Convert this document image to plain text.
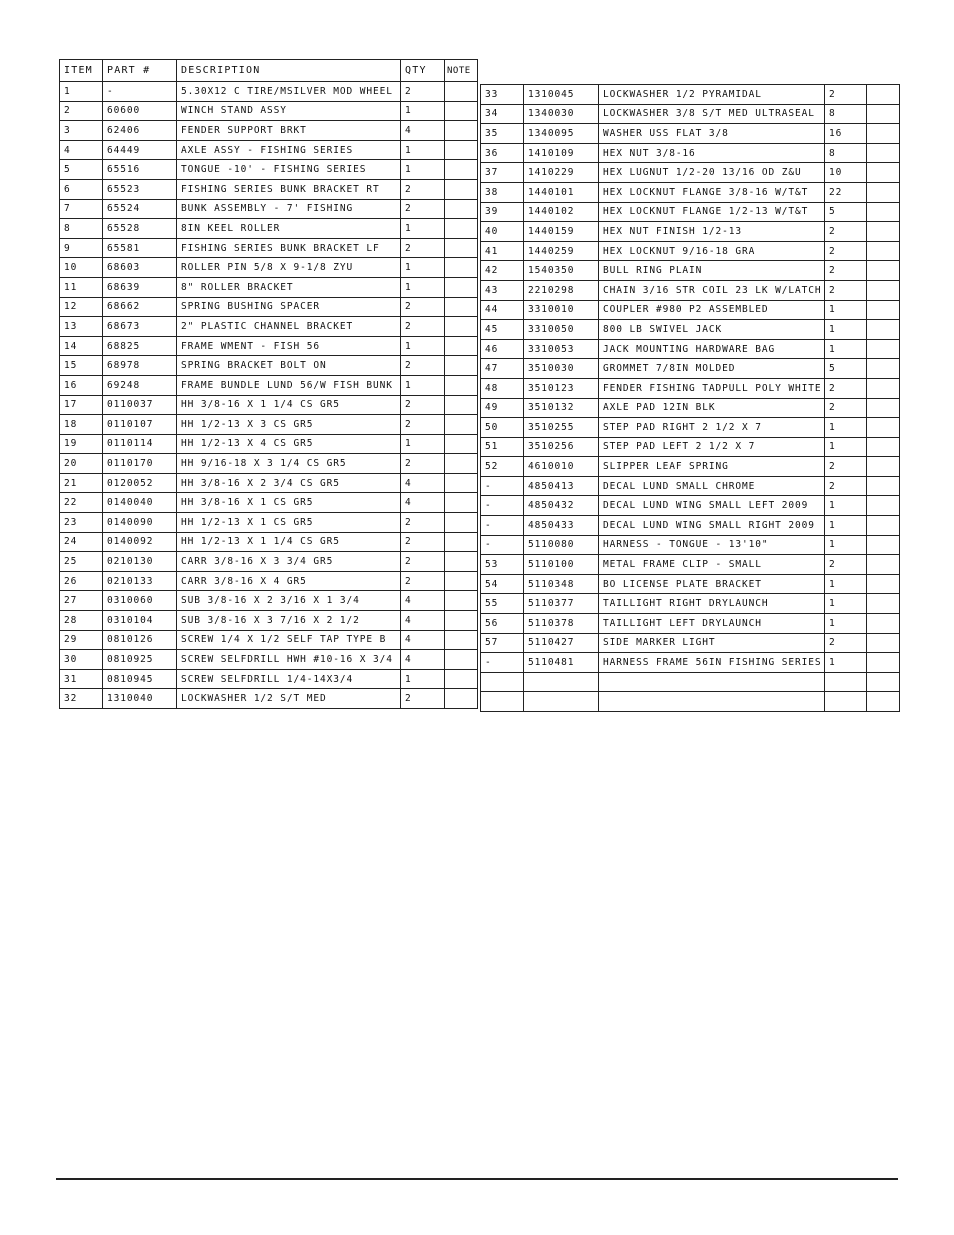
ITEM	PART #	DESCRIPTION	QTY	NOTE
1	-	5.30X12 C TIRE/MSILVER MOD WHEEL	2	
2	60600	WINCH STAND ASSY	1	
3	62406	FENDER SUPPORT BRKT	4	
4	64449	AXLE ASSY - FISHING SERIES	1	
5	65516	TONGUE -10' - FISHING SERIES	1	
6	65523	FISHING SERIES BUNK BRACKET RT	2	
7	65524	BUNK ASSEMBLY - 7' FISHING	2	
8	65528	8IN KEEL ROLLER	1	
9	65581	FISHING SERIES BUNK BRACKET LF	2	
10	68603	ROLLER PIN 5/8 X 9-1/8 ZYU	1	
11	68639	8" ROLLER BRACKET	1	
12	68662	SPRING BUSHING SPACER	2	
13	68673	2" PLASTIC CHANNEL BRACKET	2	
14	68825	FRAME WMENT - FISH 56	1	
15	68978	SPRING BRACKET BOLT ON	2	
16	69248	FRAME BUNDLE LUND 56/W FISH BUNK	1	
17	0110037	HH 3/8-16 X 1 1/4 CS GR5	2	
18	0110107	HH 1/2-13 X 3 CS GR5	2	
19	0110114	HH 1/2-13 X 4 CS GR5	1	
20	0110170	HH 9/16-18 X 3 1/4 CS GR5	2	
21	0120052	HH 3/8-16 X 2 3/4 CS GR5	4	
22	0140040	HH 3/8-16 X 1 CS GR5	4	
23	0140090	HH 1/2-13 X 1 CS GR5	2	
24	0140092	HH 1/2-13 X 1 1/4 CS GR5	2	
25	0210130	CARR 3/8-16 X 3 3/4 GR5	2	
26	0210133	CARR 3/8-16 X 4 GR5	2	
27	0310060	SUB 3/8-16 X 2 3/16 X 1 3/4	4	
28	0310104	SUB 3/8-16 X 3 7/16 X 2 1/2	4	
29	0810126	SCREW 1/4 X 1/2 SELF TAP TYPE B	4	
30	0810925	SCREW SELFDRILL HWH #10-16 X 3/4	4	
31	0810945	SCREW SELFDRILL 1/4-14X3/4	1	
32	1310040	LOCKWASHER 1/2 S/T MED	2	
33	1310045	LOCKWASHER 1/2 PYRAMIDAL	2	
34	1340030	LOCKWASHER 3/8 S/T MED ULTRASEAL	8	
35	1340095	WASHER USS FLAT 3/8	16	
36	1410109	HEX NUT 3/8-16	8	
37	1410229	HEX LUGNUT 1/2-20 13/16 OD Z&U	10	
38	1440101	HEX LOCKNUT FLANGE 3/8-16 W/T&T	22	
39	1440102	HEX LOCKNUT FLANGE 1/2-13 W/T&T	5	
40	1440159	HEX NUT FINISH 1/2-13	2	
41	1440259	HEX LOCKNUT 9/16-18 GRA	2	
42	1540350	BULL RING PLAIN	2	
43	2210298	CHAIN 3/16 STR COIL 23 LK W/LATCH	2	
44	3310010	COUPLER #980 P2 ASSEMBLED	1	
45	3310050	800 LB SWIVEL JACK	1	
46	3310053	JACK MOUNTING HARDWARE BAG	1	
47	3510030	GROMMET 7/8IN MOLDED	5	
48	3510123	FENDER FISHING TADPULL POLY WHITE	2	
49	3510132	AXLE PAD 12IN BLK	2	
50	3510255	STEP PAD RIGHT 2 1/2 X 7	1	
51	3510256	STEP PAD LEFT 2 1/2 X 7	1	
52	4610010	SLIPPER LEAF SPRING	2	
-	4850413	DECAL LUND SMALL CHROME	2	
-	4850432	DECAL LUND WING SMALL LEFT 2009	1	
-	4850433	DECAL LUND WING SMALL RIGHT 2009	1	
-	5110080	HARNESS - TONGUE - 13'10"	1	
53	5110100	METAL FRAME CLIP - SMALL	2	
54	5110348	BO LICENSE PLATE BRACKET	1	
55	5110377	TAILLIGHT RIGHT DRYLAUNCH	1	
56	5110378	TAILLIGHT LEFT DRYLAUNCH	1	
57	5110427	SIDE MARKER LIGHT	2	
-	5110481	HARNESS FRAME 56IN FISHING SERIES	1	
